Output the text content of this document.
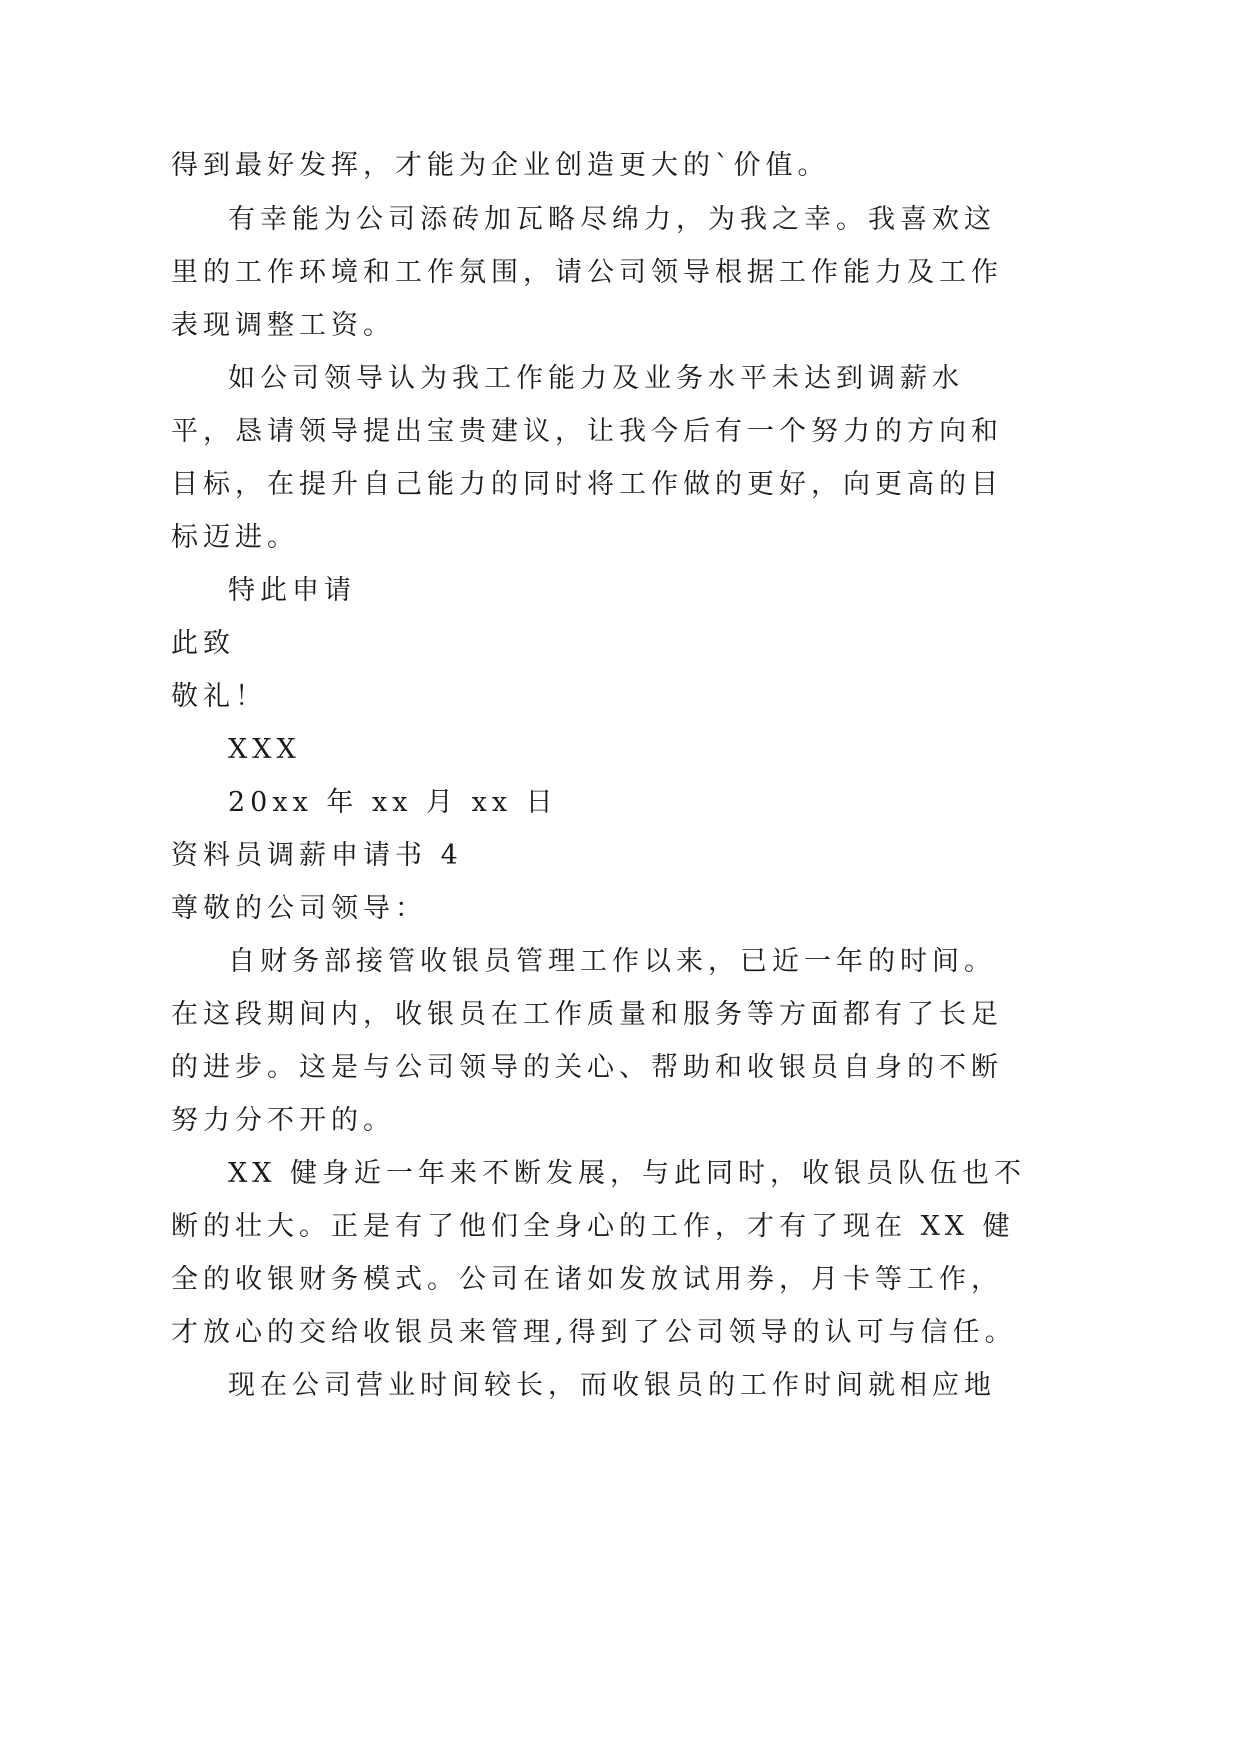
得到最好发挥，才能为企业创造更大的`价值。
有幸能为公司添砖加瓦略尽绵力，为我之幸。我喜欢这
里的工作环境和工作氛围，请公司领导根据工作能力及工作
表现调整工资。
如公司领导认为我工作能力及业务水平未达到调薪水
平，恳请领导提出宝贵建议，让我今后有一个努力的方向和
目标，在提升自己能力的同时将工作做的更好，向更高的目
标迈进。
特此申请
此致
敬礼！
XXX
20xx 年 xx 月 xx 日
资料员调薪申请书 4
尊敬的公司领导：
自财务部接管收银员管理工作以来，已近一年的时间。
在这段期间内，收银员在工作质量和服务等方面都有了长足
的进步。这是与公司领导的关心、帮助和收银员自身的不断
努力分不开的。
XX 健身近一年来不断发展，与此同时，收银员队伍也不
断的壮大。正是有了他们全身心的工作，才有了现在 XX 健
全的收银财务模式。公司在诸如发放试用券，月卡等工作，
才放心的交给收银员来管理,得到了公司领导的认可与信任。
现在公司营业时间较长，而收银员的工作时间就相应地
